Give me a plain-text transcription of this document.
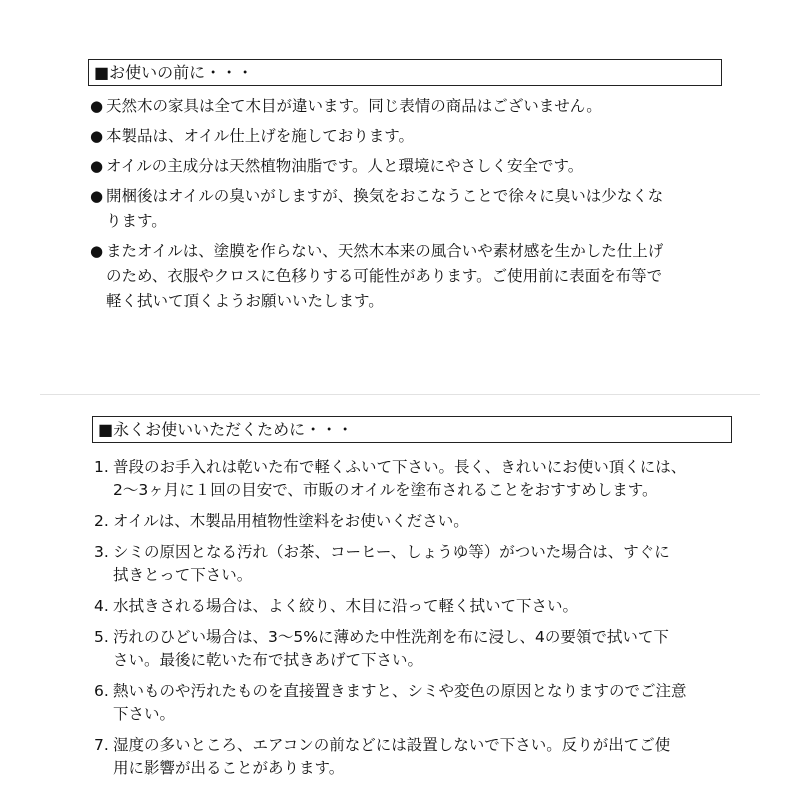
■お使いの前に・・・
● 天然木の家具は全て木目が違います。同じ表情の商品はございません。
● 本製品は、オイル仕上げを施しております。
● オイルの主成分は天然植物油脂です。人と環境にやさしく安全です。
● 開梱後はオイルの臭いがしますが、換気をおこなうことで徐々に臭いは少なくな
ります。
● またオイルは、塗膜を作らない、天然木本来の風合いや素材感を生かした仕上げ
のため、衣服やクロスに色移りする可能性があります。ご使用前に表面を布等で
軽く拭いて頂くようお願いいたします。
■永くお使いいただくために・・・
1. 普段のお手入れは乾いた布で軽くふいて下さい。長く、きれいにお使い頂くには、
2～3ヶ月に１回の目安で、市販のオイルを塗布されることをおすすめします。
2. オイルは、木製品用植物性塗料をお使いください。
3. シミの原因となる汚れ（お茶、コーヒー、しょうゆ等）がついた場合は、すぐに
拭きとって下さい。
4. 水拭きされる場合は、よく絞り、木目に沿って軽く拭いて下さい。
5. 汚れのひどい場合は、3～5%に薄めた中性洗剤を布に浸し、4の要領で拭いて下
さい。最後に乾いた布で拭きあげて下さい。
6. 熱いものや汚れたものを直接置きますと、シミや変色の原因となりますのでご注意
下さい。
7. 湿度の多いところ、エアコンの前などには設置しないで下さい。反りが出てご使
用に影響が出ることがあります。
